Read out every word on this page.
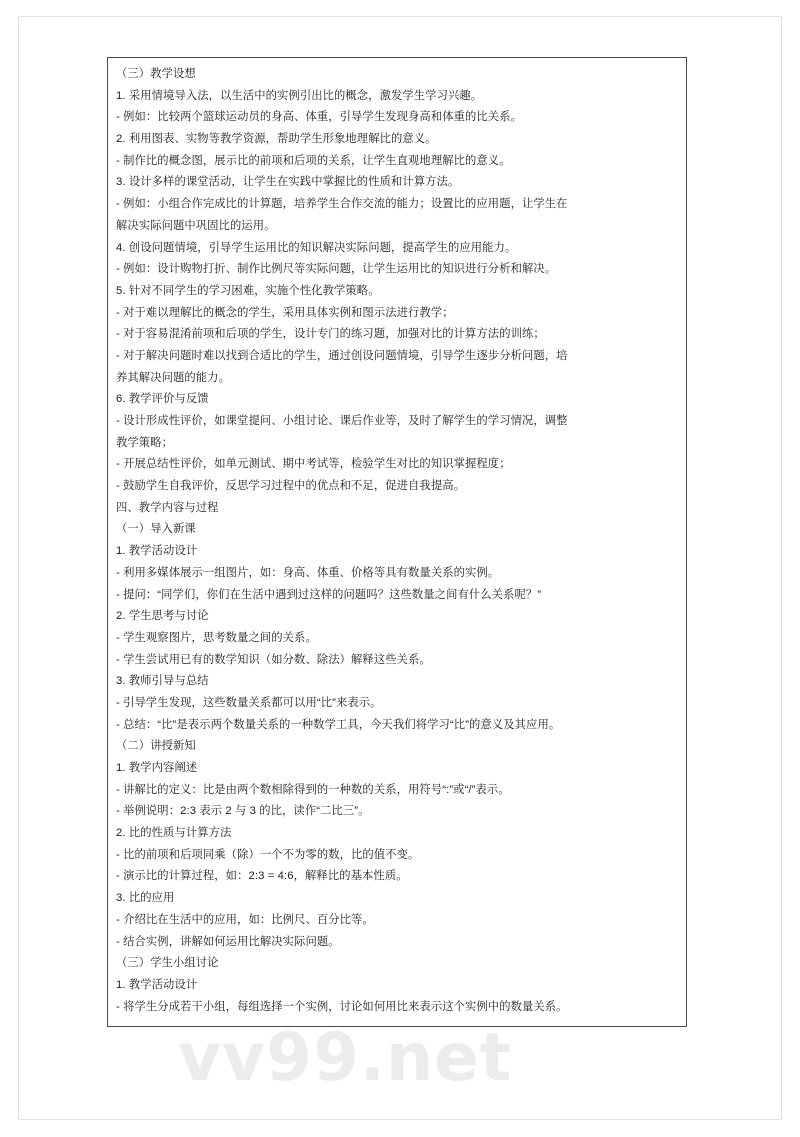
（三）教学设想
1. 采用情境导入法，以生活中的实例引出比的概念，激发学生学习兴趣。
- 例如：比较两个篮球运动员的身高、体重，引导学生发现身高和体重的比关系。
2. 利用图表、实物等教学资源，帮助学生形象地理解比的意义。
- 制作比的概念图，展示比的前项和后项的关系，让学生直观地理解比的意义。
3. 设计多样的课堂活动，让学生在实践中掌握比的性质和计算方法。
- 例如：小组合作完成比的计算题，培养学生合作交流的能力；设置比的应用题，让学生在
解决实际问题中巩固比的运用。
4. 创设问题情境，引导学生运用比的知识解决实际问题，提高学生的应用能力。
- 例如：设计购物打折、制作比例尺等实际问题，让学生运用比的知识进行分析和解决。
5. 针对不同学生的学习困难，实施个性化教学策略。
- 对于难以理解比的概念的学生，采用具体实例和图示法进行教学；
- 对于容易混淆前项和后项的学生，设计专门的练习题，加强对比的计算方法的训练；
- 对于解决问题时难以找到合适比的学生，通过创设问题情境，引导学生逐步分析问题，培
养其解决问题的能力。
6. 教学评价与反馈
- 设计形成性评价，如课堂提问、小组讨论、课后作业等，及时了解学生的学习情况，调整
教学策略；
- 开展总结性评价，如单元测试、期中考试等，检验学生对比的知识掌握程度；
- 鼓励学生自我评价，反思学习过程中的优点和不足，促进自我提高。
四、教学内容与过程
（一）导入新课
1. 教学活动设计
- 利用多媒体展示一组图片，如：身高、体重、价格等具有数量关系的实例。
- 提问：“同学们，你们在生活中遇到过这样的问题吗？这些数量之间有什么关系呢？”
2. 学生思考与讨论
- 学生观察图片，思考数量之间的关系。
- 学生尝试用已有的数学知识（如分数、除法）解释这些关系。
3. 教师引导与总结
- 引导学生发现，这些数量关系都可以用“比”来表示。
- 总结：“比”是表示两个数量关系的一种数学工具，今天我们将学习“比”的意义及其应用。
（二）讲授新知
1. 教学内容阐述
- 讲解比的定义：比是由两个数相除得到的一种数的关系，用符号“:”或“/”表示。
- 举例说明：2:3 表示 2 与 3 的比，读作“二比三”。
2. 比的性质与计算方法
- 比的前项和后项同乘（除）一个不为零的数，比的值不变。
- 演示比的计算过程，如：2:3 = 4:6，解释比的基本性质。
3. 比的应用
- 介绍比在生活中的应用，如：比例尺、百分比等。
- 结合实例，讲解如何运用比解决实际问题。
（三）学生小组讨论
1. 教学活动设计
- 将学生分成若干小组，每组选择一个实例，讨论如何用比来表示这个实例中的数量关系。
vv99.net
